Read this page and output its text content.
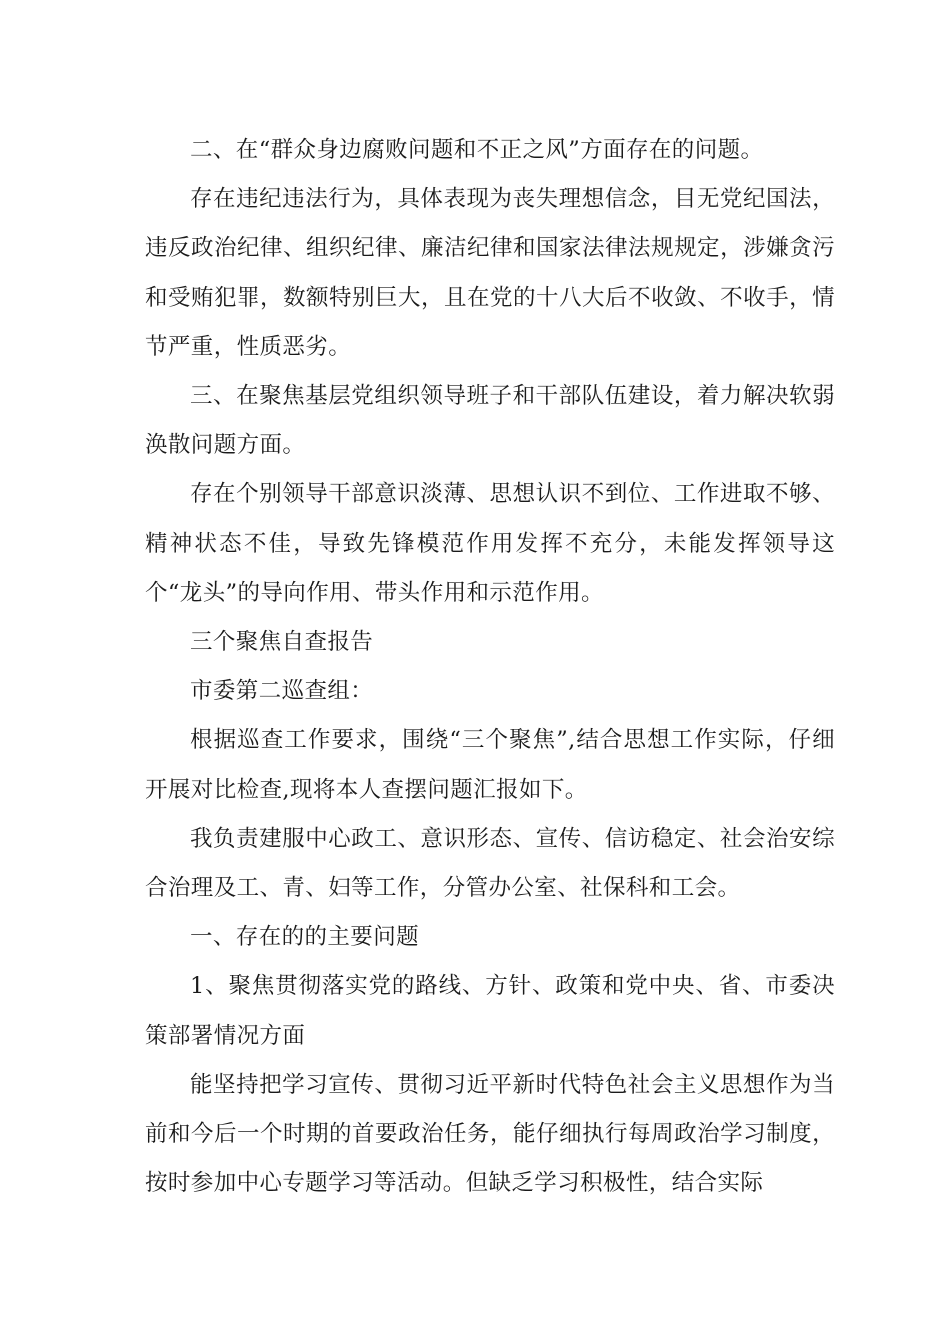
二、在“群众身边腐败问题和不正之风”方面存在的问题。

存在违纪违法行为，具体表现为丧失理想信念，目无党纪国法，违反政治纪律、组织纪律、廉洁纪律和国家法律法规规定，涉嫌贪污和受贿犯罪，数额特别巨大，且在党的十八大后不收敛、不收手，情节严重，性质恶劣。

三、在聚焦基层党组织领导班子和干部队伍建设，着力解决软弱涣散问题方面。

存在个别领导干部意识淡薄、思想认识不到位、工作进取不够、精神状态不佳，导致先锋模范作用发挥不充分，未能发挥领导这个“龙头”的导向作用、带头作用和示范作用。

三个聚焦自查报告

市委第二巡查组：

根据巡查工作要求，围绕“三个聚焦”,结合思想工作实际，仔细开展对比检查,现将本人查摆问题汇报如下。

我负责建服中心政工、意识形态、宣传、信访稳定、社会治安综合治理及工、青、妇等工作，分管办公室、社保科和工会。

一、存在的的主要问题

1、聚焦贯彻落实党的路线、方针、政策和党中央、省、市委决策部署情况方面

能坚持把学习宣传、贯彻习近平新时代特色社会主义思想作为当前和今后一个时期的首要政治任务，能仔细执行每周政治学习制度，按时参加中心专题学习等活动。但缺乏学习积极性，结合实际
